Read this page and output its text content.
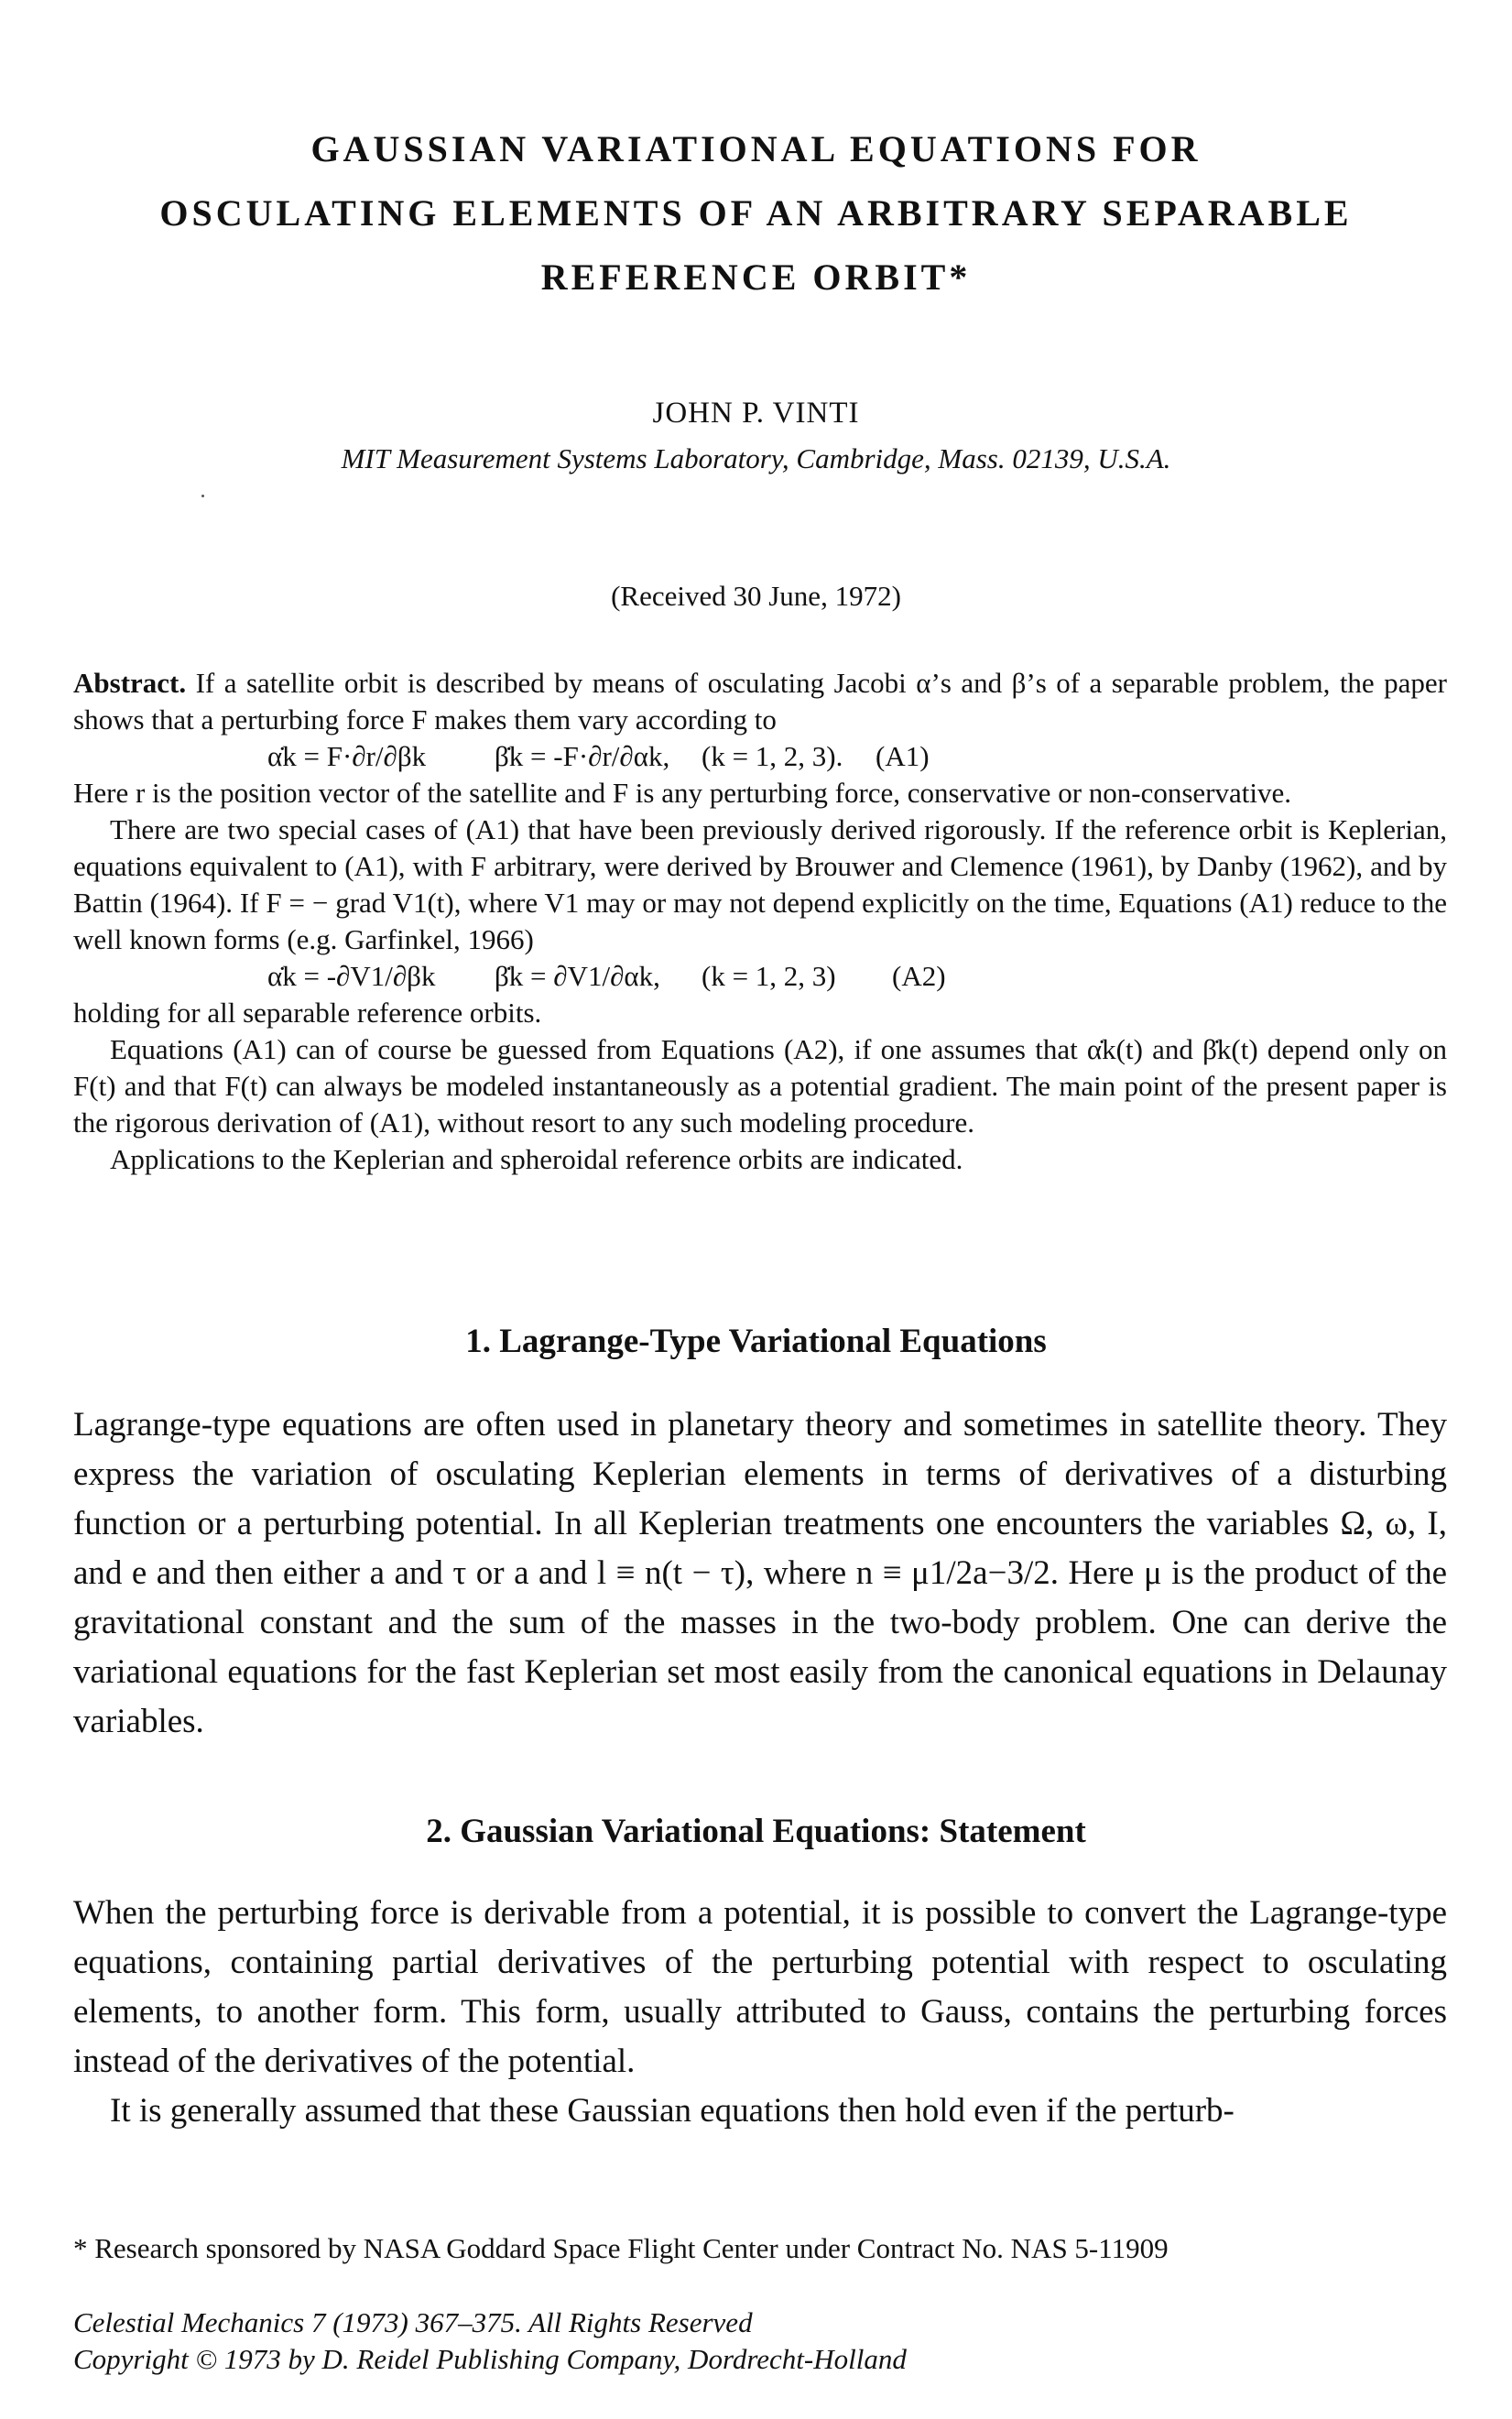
GAUSSIAN VARIATIONAL EQUATIONS FOR
OSCULATING ELEMENTS OF AN ARBITRARY SEPARABLE
REFERENCE ORBIT*
JOHN P. VINTI
MIT Measurement Systems Laboratory, Cambridge, Mass. 02139, U.S.A.
(Received 30 June, 1972)

Abstract. If a satellite orbit is described by means of osculating Jacobi α’s and β’s of a separable problem, the paper shows that a perturbing force F makes them vary according to

α̇k = F·∂r/∂βk β̇k = -F·∂r/∂αk, (k = 1, 2, 3). (A1)

Here r is the position vector of the satellite and F is any perturbing force, conservative or non-conservative.

There are two special cases of (A1) that have been previously derived rigorously. If the reference orbit is Keplerian, equations equivalent to (A1), with F arbitrary, were derived by Brouwer and Clemence (1961), by Danby (1962), and by Battin (1964). If F = − grad V1(t), where V1 may or may not depend explicitly on the time, Equations (A1) reduce to the well known forms (e.g. Garfinkel, 1966)

α̇k = -∂V1/∂βk β̇k = ∂V1/∂αk, (k = 1, 2, 3) (A2)

holding for all separable reference orbits.

Equations (A1) can of course be guessed from Equations (A2), if one assumes that α̇k(t) and β̇k(t) depend only on F(t) and that F(t) can always be modeled instantaneously as a potential gradient. The main point of the present paper is the rigorous derivation of (A1), without resort to any such modeling procedure.

Applications to the Keplerian and spheroidal reference orbits are indicated.

1. Lagrange-Type Variational Equations

Lagrange-type equations are often used in planetary theory and sometimes in satellite theory. They express the variation of osculating Keplerian elements in terms of derivatives of a disturbing function or a perturbing potential. In all Keplerian treatments one encounters the variables Ω, ω, I, and e and then either a and τ or a and l ≡ n(t − τ), where n ≡ μ1/2a−3/2. Here μ is the product of the gravitational constant and the sum of the masses in the two-body problem. One can derive the variational equations for the fast Keplerian set most easily from the canonical equations in Delaunay variables.

2. Gaussian Variational Equations: Statement

When the perturbing force is derivable from a potential, it is possible to convert the Lagrange-type equations, containing partial derivatives of the perturbing potential with respect to osculating elements, to another form. This form, usually attributed to Gauss, contains the perturbing forces instead of the derivatives of the potential.

It is generally assumed that these Gaussian equations then hold even if the perturb-

* Research sponsored by NASA Goddard Space Flight Center under Contract No. NAS 5-11909
Celestial Mechanics 7 (1973) 367–375. All Rights Reserved
Copyright © 1973 by D. Reidel Publishing Company, Dordrecht-Holland
